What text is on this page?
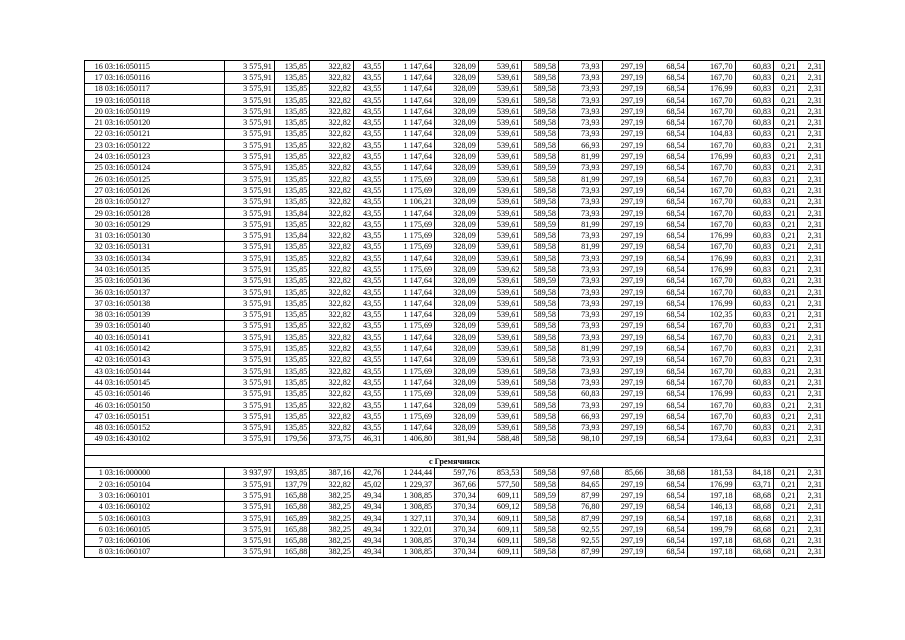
16	03:16:050115	3 575,91	135,85	322,82	43,55	1 147,64	328,09	539,61	589,58	73,93	297,19	68,54	167,70	60,83	0,21	2,31
17	03:16:050116	3 575,91	135,85	322,82	43,55	1 147,64	328,09	539,61	589,58	73,93	297,19	68,54	167,70	60,83	0,21	2,31
18	03:16:050117	3 575,91	135,85	322,82	43,55	1 147,64	328,09	539,61	589,58	73,93	297,19	68,54	176,99	60,83	0,21	2,31
19	03:16:050118	3 575,91	135,85	322,82	43,55	1 147,64	328,09	539,61	589,58	73,93	297,19	68,54	167,70	60,83	0,21	2,31
20	03:16:050119	3 575,91	135,85	322,82	43,55	1 147,64	328,09	539,61	589,58	73,93	297,19	68,54	167,70	60,83	0,21	2,31
21	03:16:050120	3 575,91	135,85	322,82	43,55	1 147,64	328,09	539,61	589,58	73,93	297,19	68,54	167,70	60,83	0,21	2,31
22	03:16:050121	3 575,91	135,85	322,82	43,55	1 147,64	328,09	539,61	589,58	73,93	297,19	68,54	104,83	60,83	0,21	2,31
23	03:16:050122	3 575,91	135,85	322,82	43,55	1 147,64	328,09	539,61	589,58	66,93	297,19	68,54	167,70	60,83	0,21	2,31
24	03:16:050123	3 575,91	135,85	322,82	43,55	1 147,64	328,09	539,61	589,58	81,99	297,19	68,54	176,99	60,83	0,21	2,31
25	03:16:050124	3 575,91	135,85	322,82	43,55	1 147,64	328,09	539,61	589,59	73,93	297,19	68,54	167,70	60,83	0,21	2,31
26	03:16:050125	3 575,91	135,85	322,82	43,55	1 175,69	328,09	539,61	589,58	81,99	297,19	68,54	167,70	60,83	0,21	2,31
27	03:16:050126	3 575,91	135,85	322,82	43,55	1 175,69	328,09	539,61	589,58	73,93	297,19	68,54	167,70	60,83	0,21	2,31
28	03:16:050127	3 575,91	135,85	322,82	43,55	1 106,21	328,09	539,61	589,58	73,93	297,19	68,54	167,70	60,83	0,21	2,31
29	03:16:050128	3 575,91	135,84	322,82	43,55	1 147,64	328,09	539,61	589,58	73,93	297,19	68,54	167,70	60,83	0,21	2,31
30	03:16:050129	3 575,91	135,85	322,82	43,55	1 175,69	328,09	539,61	589,59	81,99	297,19	68,54	167,70	60,83	0,21	2,31
31	03:16:050130	3 575,91	135,84	322,82	43,55	1 175,69	328,09	539,61	589,58	73,93	297,19	68,54	176,99	60,83	0,21	2,31
32	03:16:050131	3 575,91	135,85	322,82	43,55	1 175,69	328,09	539,61	589,58	81,99	297,19	68,54	167,70	60,83	0,21	2,31
33	03:16:050134	3 575,91	135,85	322,82	43,55	1 147,64	328,09	539,61	589,58	73,93	297,19	68,54	176,99	60,83	0,21	2,31
34	03:16:050135	3 575,91	135,85	322,82	43,55	1 175,69	328,09	539,62	589,58	73,93	297,19	68,54	176,99	60,83	0,21	2,31
35	03:16:050136	3 575,91	135,85	322,82	43,55	1 147,64	328,09	539,61	589,59	73,93	297,19	68,54	167,70	60,83	0,21	2,31
36	03:16:050137	3 575,91	135,85	322,82	43,55	1 147,64	328,09	539,61	589,58	73,93	297,19	68,54	167,70	60,83	0,21	2,31
37	03:16:050138	3 575,91	135,85	322,82	43,55	1 147,64	328,09	539,61	589,58	73,93	297,19	68,54	176,99	60,83	0,21	2,31
38	03:16:050139	3 575,91	135,85	322,82	43,55	1 147,64	328,09	539,61	589,58	73,93	297,19	68,54	102,35	60,83	0,21	2,31
39	03:16:050140	3 575,91	135,85	322,82	43,55	1 175,69	328,09	539,61	589,58	73,93	297,19	68,54	167,70	60,83	0,21	2,31
40	03:16:050141	3 575,91	135,85	322,82	43,55	1 147,64	328,09	539,61	589,58	73,93	297,19	68,54	167,70	60,83	0,21	2,31
41	03:16:050142	3 575,91	135,85	322,82	43,55	1 147,64	328,09	539,61	589,58	81,99	297,19	68,54	167,70	60,83	0,21	2,31
42	03:16:050143	3 575,91	135,85	322,82	43,55	1 147,64	328,09	539,61	589,58	73,93	297,19	68,54	167,70	60,83	0,21	2,31
43	03:16:050144	3 575,91	135,85	322,82	43,55	1 175,69	328,09	539,61	589,58	73,93	297,19	68,54	167,70	60,83	0,21	2,31
44	03:16:050145	3 575,91	135,85	322,82	43,55	1 147,64	328,09	539,61	589,58	73,93	297,19	68,54	167,70	60,83	0,21	2,31
45	03:16:050146	3 575,91	135,85	322,82	43,55	1 175,69	328,09	539,61	589,58	60,83	297,19	68,54	176,99	60,83	0,21	2,31
46	03:16:050150	3 575,91	135,85	322,82	43,55	1 147,64	328,09	539,61	589,58	73,93	297,19	68,54	167,70	60,83	0,21	2,31
47	03:16:050151	3 575,91	135,85	322,82	43,55	1 175,69	328,09	539,61	589,58	66,93	297,19	68,54	167,70	60,83	0,21	2,31
48	03:16:050152	3 575,91	135,85	322,82	43,55	1 147,64	328,09	539,61	589,58	73,93	297,19	68,54	167,70	60,83	0,21	2,31
49	03:16:430102	3 575,91	179,56	373,75	46,31	1 406,80	381,94	588,48	589,58	98,10	297,19	68,54	173,64	60,83	0,21	2,31

с Гремячинск																
1	03:16:000000	3 937,97	193,85	387,16	42,76	1 244,44	597,76	853,53	589,58	97,68	85,66	38,68	181,53	84,18	0,21	2,31
2	03:16:050104	3 575,91	137,79	322,82	45,02	1 229,37	367,66	577,50	589,58	84,65	297,19	68,54	176,99	63,71	0,21	2,31
3	03:16:060101	3 575,91	165,88	382,25	49,34	1 308,85	370,34	609,11	589,59	87,99	297,19	68,54	197,18	68,68	0,21	2,31
4	03:16:060102	3 575,91	165,88	382,25	49,34	1 308,85	370,34	609,12	589,58	76,80	297,19	68,54	146,13	68,68	0,21	2,31
5	03:16:060103	3 575,91	165,89	382,25	49,34	1 327,11	370,34	609,11	589,58	87,99	297,19	68,54	197,18	68,68	0,21	2,31
6	03:16:060105	3 575,91	165,88	382,25	49,34	1 322,01	370,34	609,11	589,58	92,55	297,19	68,54	199,79	68,68	0,21	2,31
7	03:16:060106	3 575,91	165,88	382,25	49,34	1 308,85	370,34	609,11	589,58	92,55	297,19	68,54	197,18	68,68	0,21	2,31
8	03:16:060107	3 575,91	165,88	382,25	49,34	1 308,85	370,34	609,11	589,58	87,99	297,19	68,54	197,18	68,68	0,21	2,31
